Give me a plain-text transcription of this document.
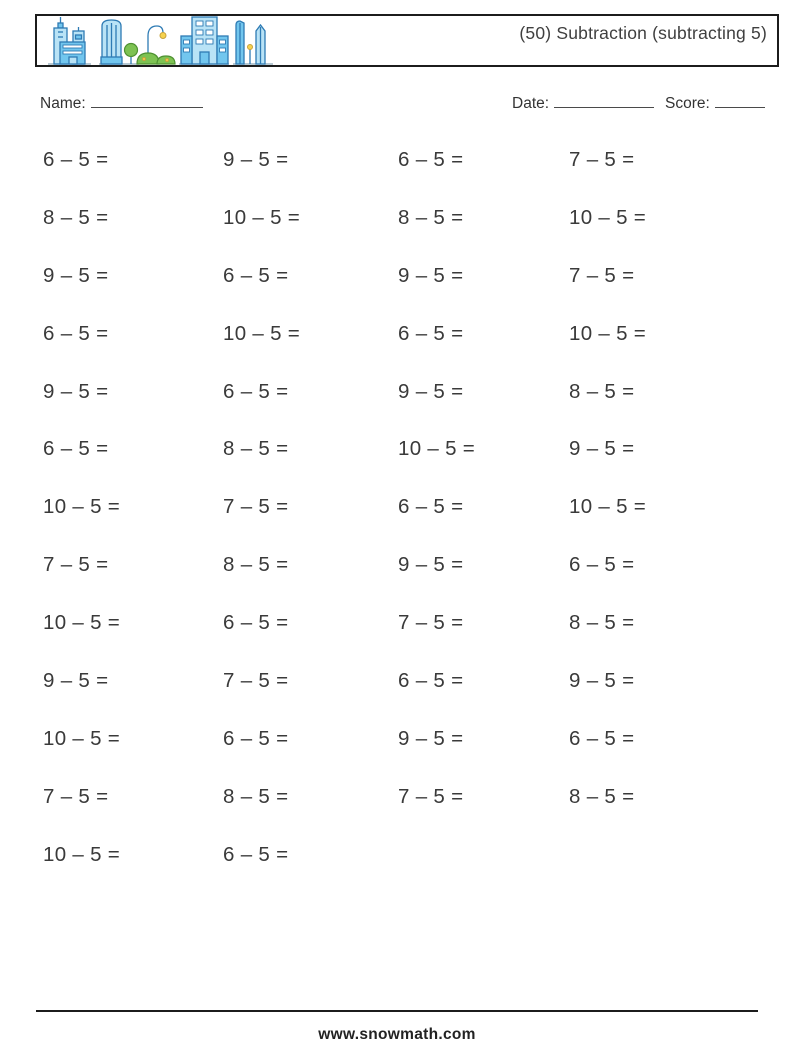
(50) Subtraction (subtracting 5)
Name:	Date:	Score:
6 – 5 =	9 – 5 =	6 – 5 =	7 – 5 =
8 – 5 =	10 – 5 =	8 – 5 =	10 – 5 =
9 – 5 =	6 – 5 =	9 – 5 =	7 – 5 =
6 – 5 =	10 – 5 =	6 – 5 =	10 – 5 =
9 – 5 =	6 – 5 =	9 – 5 =	8 – 5 =
6 – 5 =	8 – 5 =	10 – 5 =	9 – 5 =
10 – 5 =	7 – 5 =	6 – 5 =	10 – 5 =
7 – 5 =	8 – 5 =	9 – 5 =	6 – 5 =
10 – 5 =	6 – 5 =	7 – 5 =	8 – 5 =
9 – 5 =	7 – 5 =	6 – 5 =	9 – 5 =
10 – 5 =	6 – 5 =	9 – 5 =	6 – 5 =
7 – 5 =	8 – 5 =	7 – 5 =	8 – 5 =
10 – 5 =	6 – 5 =
www.snowmath.com
